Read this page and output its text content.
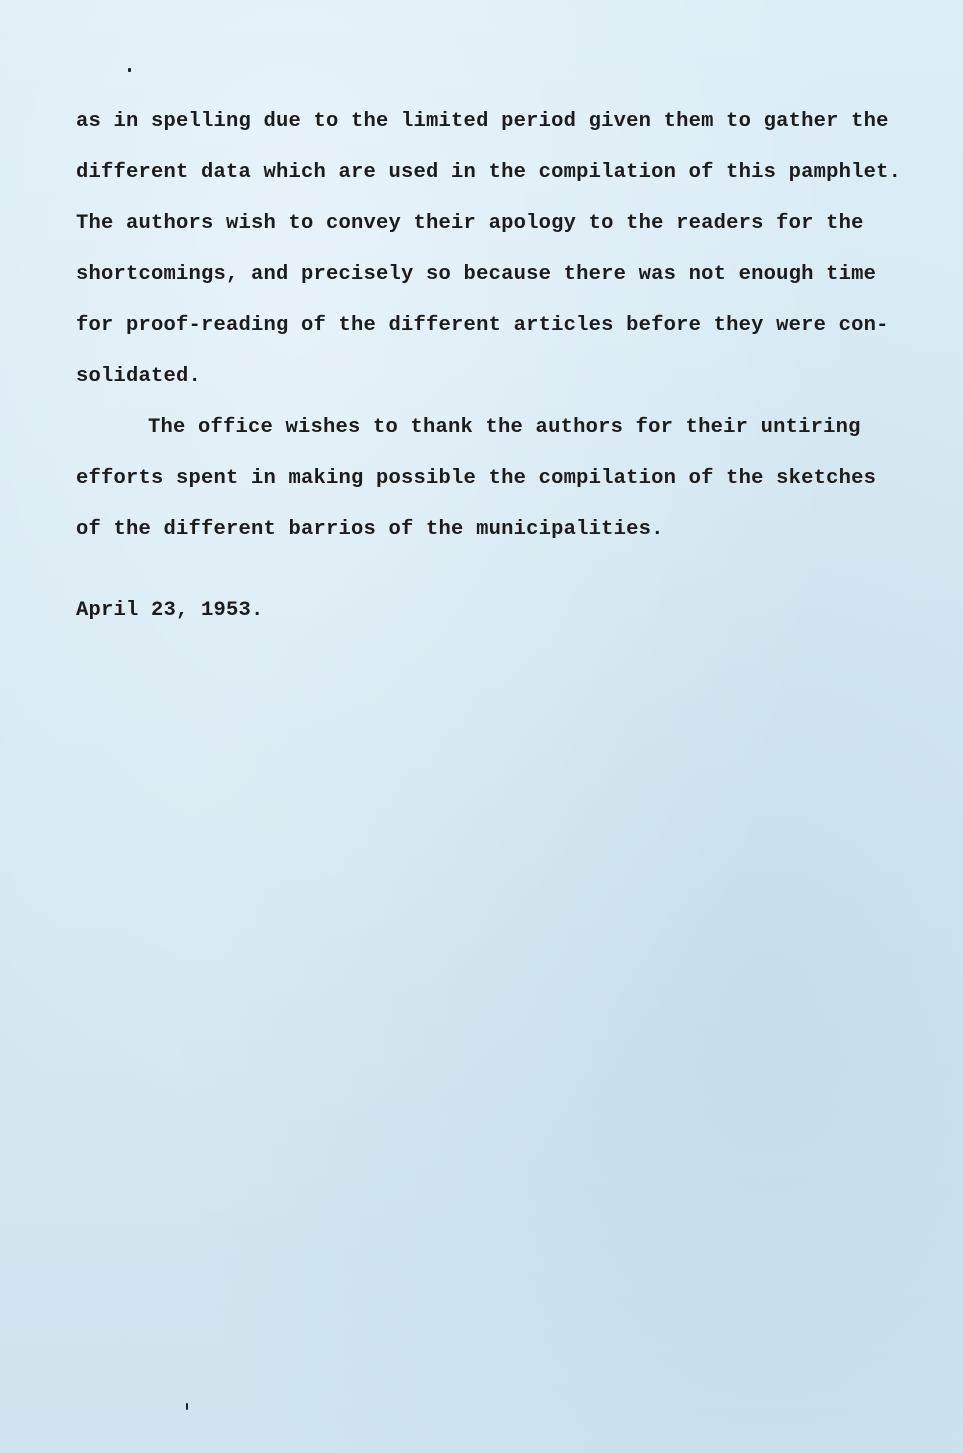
as in spelling due to the limited period given them to gather the
different data which are used in the compilation of this pamphlet.
The authors wish to convey their apology to the readers for the
shortcomings, and precisely so because there was not enough time
for proof-reading of the different articles before they were con-
solidated.
The office wishes to thank the authors for their untiring
efforts spent in making possible the compilation of the sketches
of the different barrios of the municipalities.
April 23, 1953.
